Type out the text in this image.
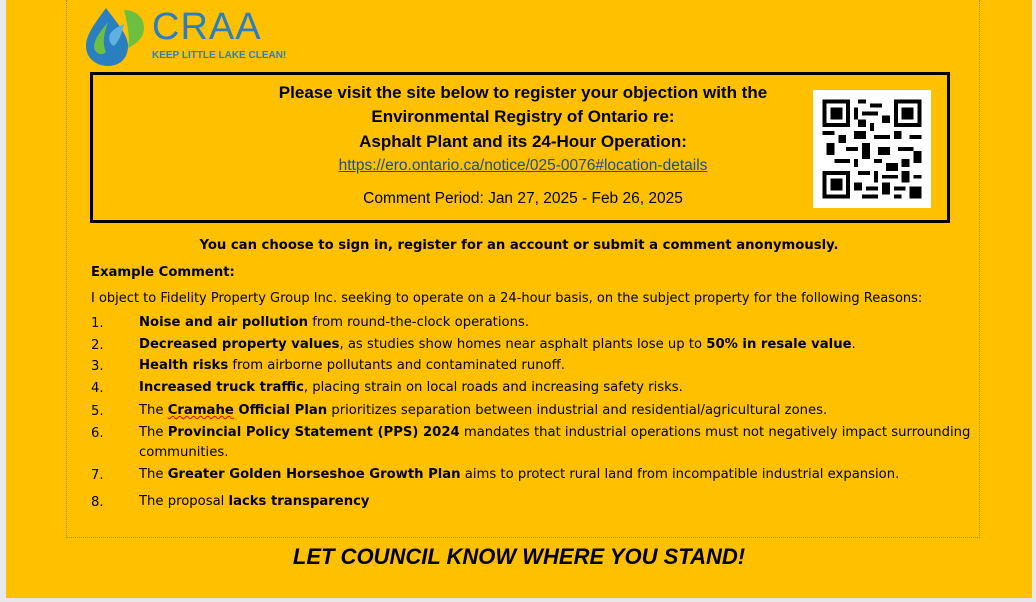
CRAA
KEEP LITTLE LAKE CLEAN!
Please visit the site below to register your objection with the
Environmental Registry of Ontario re:
Asphalt Plant and its 24-Hour Operation:
https://ero.ontario.ca/notice/025-0076#location-details
Comment Period: Jan 27, 2025 - Feb 26, 2025
You can choose to sign in, register for an account or submit a comment anonymously.
Example Comment:
I object to Fidelity Property Group Inc. seeking to operate on a 24-hour basis, on the subject property for the following Reasons:
1.	Noise and air pollution from round-the-clock operations.
2.	Decreased property values, as studies show homes near asphalt plants lose up to 50% in resale value.
3.	Health risks from airborne pollutants and contaminated runoff.
4.	Increased truck traffic, placing strain on local roads and increasing safety risks.
5.	The Cramahe Official Plan prioritizes separation between industrial and residential/agricultural zones.
6.	The Provincial Policy Statement (PPS) 2024 mandates that industrial operations must not negatively impact surrounding communities.
7.	The Greater Golden Horseshoe Growth Plan aims to protect rural land from incompatible industrial expansion.
8.	The proposal lacks transparency
LET COUNCIL KNOW WHERE YOU STAND!
